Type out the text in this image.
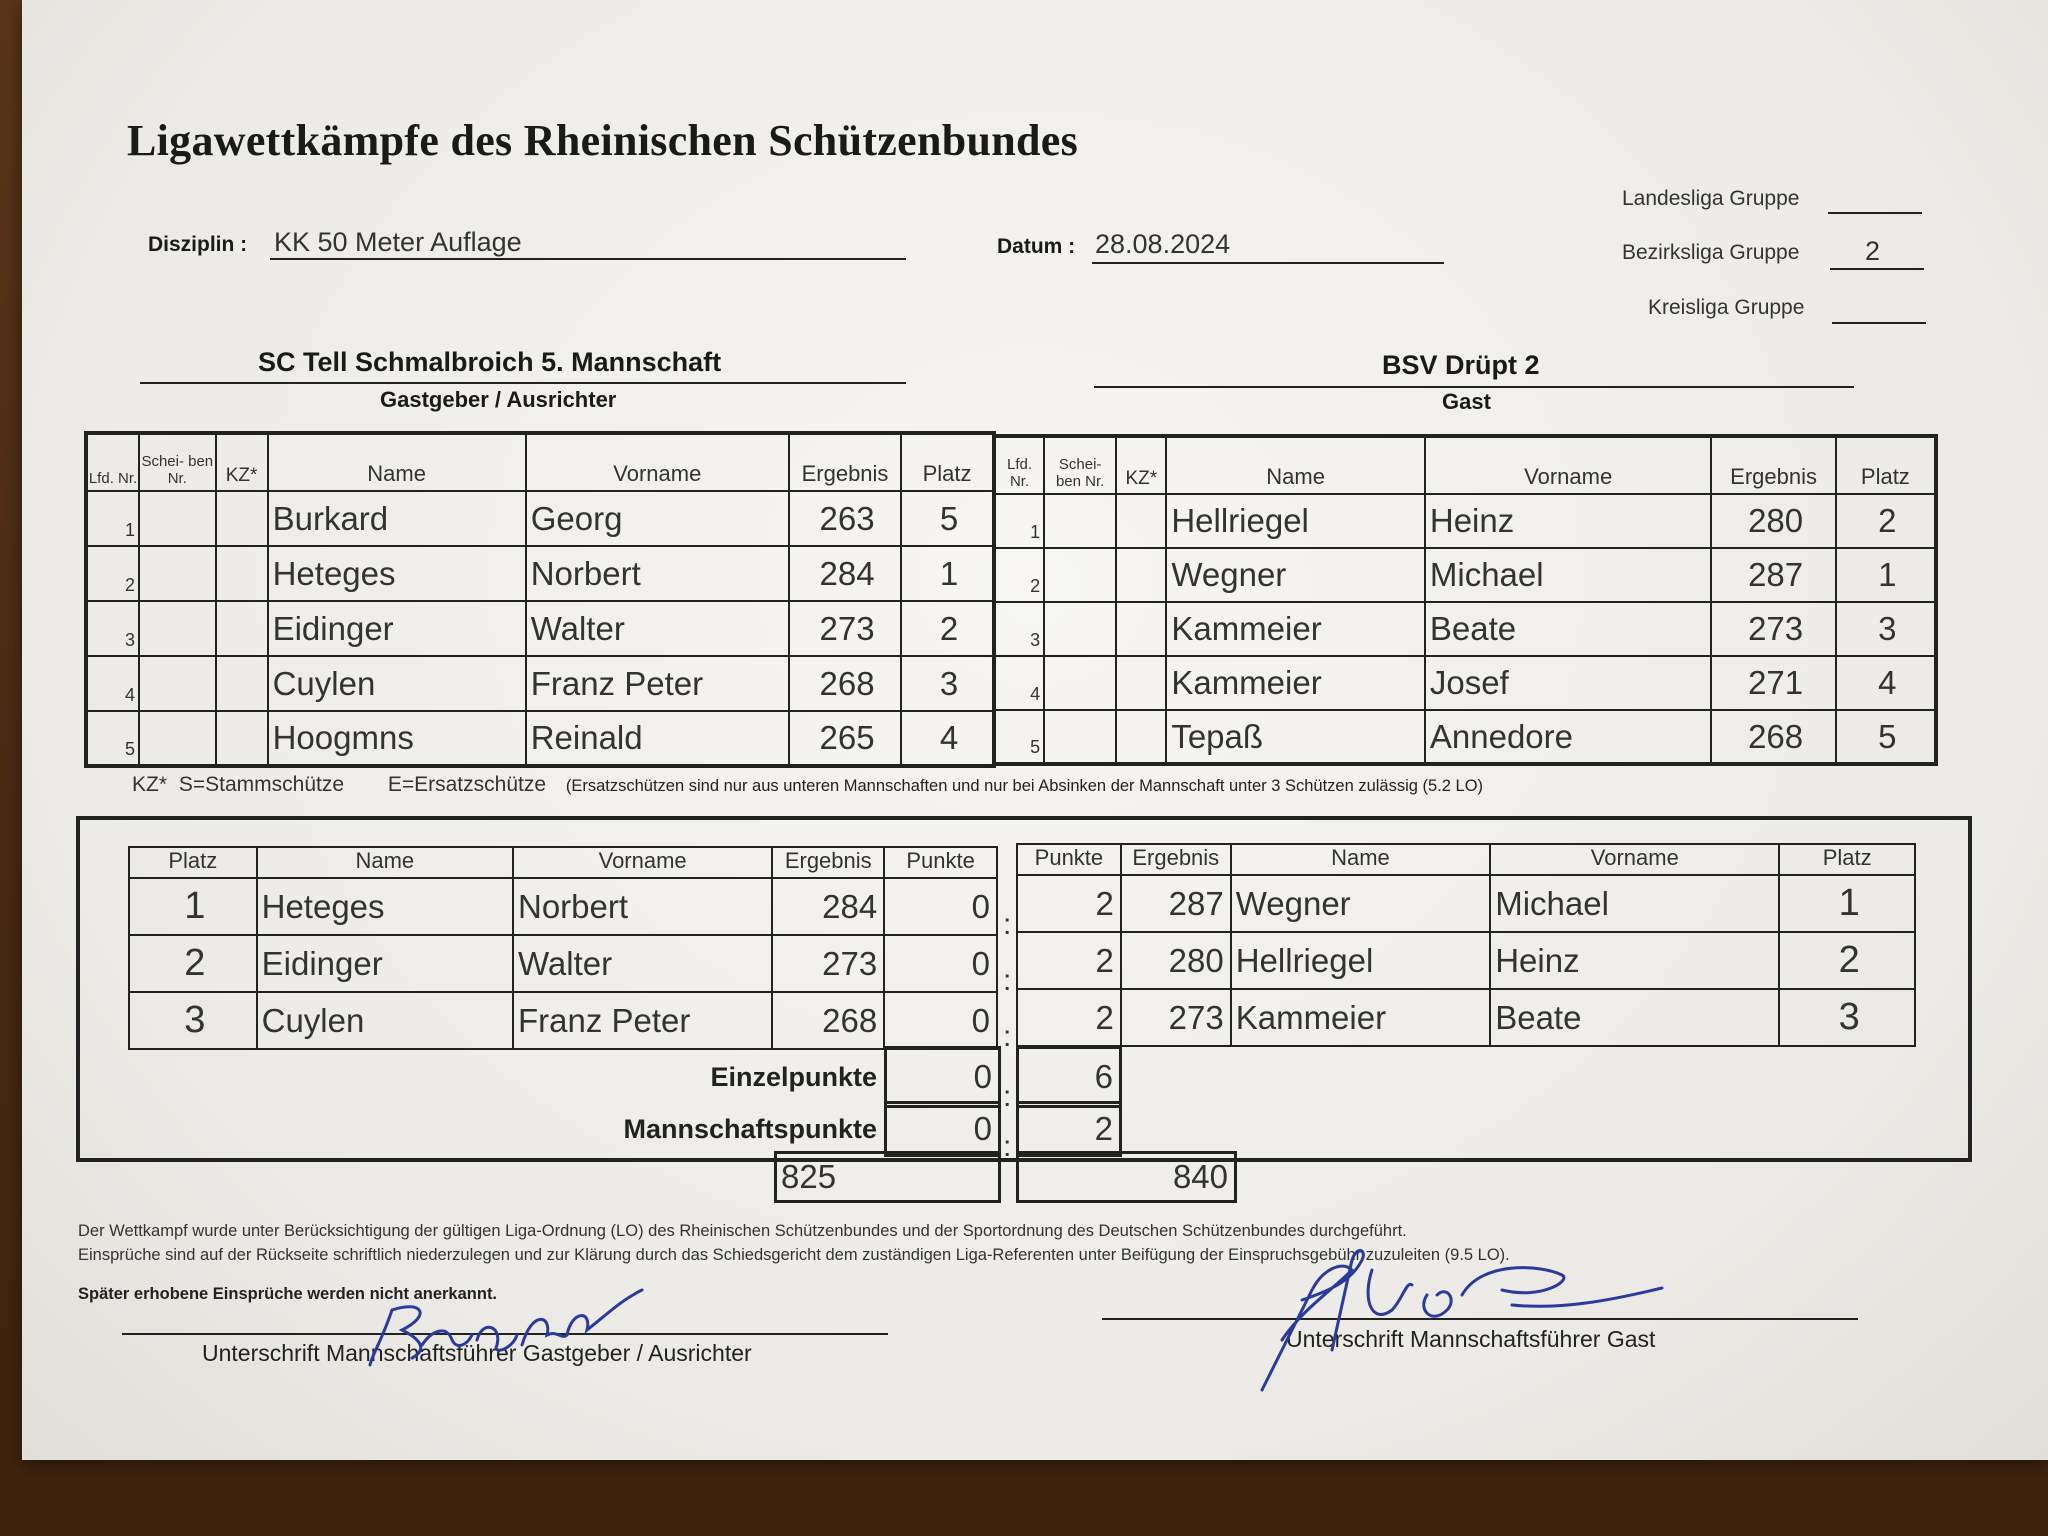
Ligawettkämpfe des Rheinischen Schützenbundes
Disziplin : KK 50 Meter Auflage	Datum : 28.08.2024
Landesliga Gruppe
Bezirksliga Gruppe 2
Kreisliga Gruppe
SC Tell Schmalbroich 5. Mannschaft
Gastgeber / Ausrichter
BSV Drüpt 2
Gast
Lfd. Nr.	Schei- ben Nr.	KZ*	Name	Vorname	Ergebnis	Platz
1			Burkard	Georg	263	5
2			Heteges	Norbert	284	1
3			Eidinger	Walter	273	2
4			Cuylen	Franz Peter	268	3
5			Hoogmns	Reinald	265	4
Lfd. Nr.	Schei- ben Nr.	KZ*	Name	Vorname	Ergebnis	Platz
1			Hellriegel	Heinz	280	2
2			Wegner	Michael	287	1
3			Kammeier	Beate	273	3
4			Kammeier	Josef	271	4
5			Tepaß	Annedore	268	5
KZ* S=Stammschütze E=Ersatzschütze (Ersatzschützen sind nur aus unteren Mannschaften und nur bei Absinken der Mannschaft unter 3 Schützen zulässig (5.2 LO)
Platz	Name	Vorname	Ergebnis	Punkte
1	Heteges	Norbert	284	0
2	Eidinger	Walter	273	0
3	Cuylen	Franz Peter	268	0
Punkte	Ergebnis	Name	Vorname	Platz
2	287	Wegner	Michael	1
2	280	Hellriegel	Heinz	2
2	273	Kammeier	Beate	3
:
:
:
:
:
Einzelpunkte	0	6
Mannschaftspunkte	0	2
825	840
Der Wettkampf wurde unter Berücksichtigung der gültigen Liga-Ordnung (LO) des Rheinischen Schützenbundes und der Sportordnung des Deutschen Schützenbundes durchgeführt.
Einsprüche sind auf der Rückseite schriftlich niederzulegen und zur Klärung durch das Schiedsgericht dem zuständigen Liga-Referenten unter Beifügung der Einspruchsgebühr zuzuleiten (9.5 LO).
Später erhobene Einsprüche werden nicht anerkannt.
Unterschrift Mannschaftsführer Gastgeber / Ausrichter
Unterschrift Mannschaftsführer Gast
